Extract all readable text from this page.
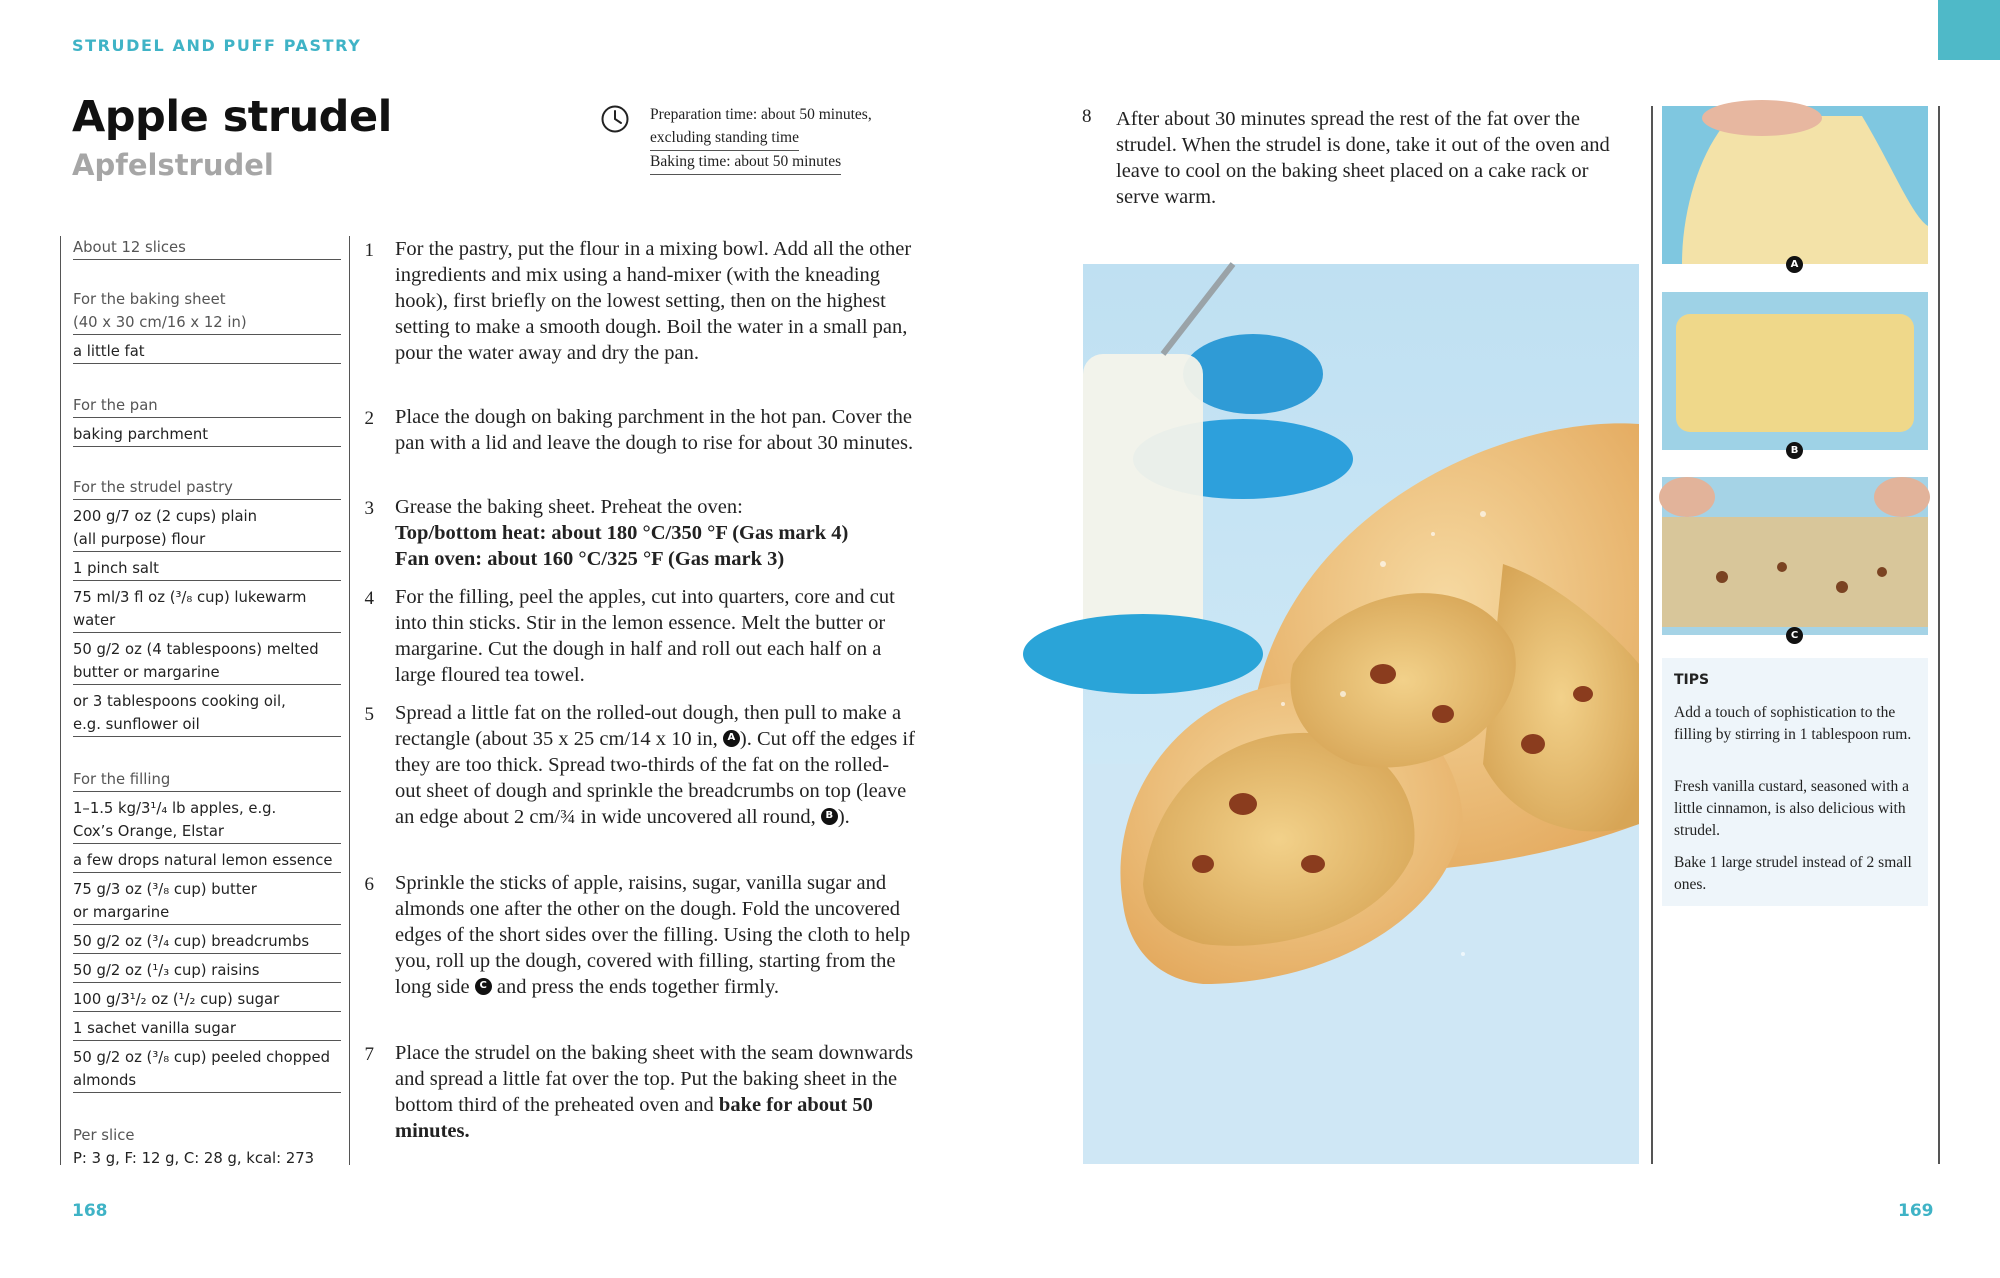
STRUDEL AND PUFF PASTRY
Apple strudel
Apfelstrudel
Preparation time: about 50 minutes,
excluding standing time
Baking time: about 50 minutes
About 12 slices
For the baking sheet
(40 x 30 cm/16 x 12 in)
a little fat
For the pan
baking parchment
For the strudel pastry
200 g/7 oz (2 cups) plain
(all purpose) flour
1 pinch salt
75 ml/3 fl oz (³/₈ cup) lukewarm
water
50 g/2 oz (4 tablespoons) melted
butter or margarine
or 3 tablespoons cooking oil,
e.g. sunflower oil
For the filling
1–1.5 kg/3¹/₄ lb apples, e.g.
Cox’s Orange, Elstar
a few drops natural lemon essence
75 g/3 oz (³/₈ cup) butter
or margarine
50 g/2 oz (³/₄ cup) breadcrumbs
50 g/2 oz (¹/₃ cup) raisins
100 g/3¹/₂ oz (¹/₂ cup) sugar
1 sachet vanilla sugar
50 g/2 oz (³/₈ cup) peeled chopped
almonds
Per slice
P: 3 g, F: 12 g, C: 28 g, kcal: 273
1 For the pastry, put the flour in a mixing bowl. Add all the other ingredients and mix using a hand-mixer (with the kneading hook), first briefly on the lowest setting, then on the highest setting to make a smooth dough. Boil the water in a small pan, pour the water away and dry the pan.
2 Place the dough on baking parchment in the hot pan. Cover the pan with a lid and leave the dough to rise for about 30 minutes.
3 Grease the baking sheet. Preheat the oven:
Top/bottom heat: about 180 °C/350 °F (Gas mark 4)
Fan oven: about 160 °C/325 °F (Gas mark 3)
4 For the filling, peel the apples, cut into quarters, core and cut into thin sticks. Stir in the lemon essence. Melt the butter or margarine. Cut the dough in half and roll out each half on a large floured tea towel.
5 Spread a little fat on the rolled-out dough, then pull to make a rectangle (about 35 x 25 cm/14 x 10 in, A ). Cut off the edges if they are too thick. Spread two-thirds of the fat on the rolled-out sheet of dough and sprinkle the breadcrumbs on top (leave an edge about 2 cm/¾ in wide uncovered all round, B ).
6 Sprinkle the sticks of apple, raisins, sugar, vanilla sugar and almonds one after the other on the dough. Fold the uncovered edges of the short sides over the filling. Using the cloth to help you, roll up the dough, covered with filling, starting from the long side C and press the ends together firmly.
7 Place the strudel on the baking sheet with the seam downwards and spread a little fat over the top. Put the baking sheet in the bottom third of the preheated oven and bake for about 50 minutes.
8 After about 30 minutes spread the rest of the fat over the strudel. When the strudel is done, take it out of the oven and leave to cool on the baking sheet placed on a cake rack or serve warm.
A
B
C
TIPS
Add a touch of sophistication to the filling by stirring in 1 tablespoon rum.
Fresh vanilla custard, seasoned with a little cinnamon, is also delicious with strudel.
Bake 1 large strudel instead of 2 small ones.
168	169
